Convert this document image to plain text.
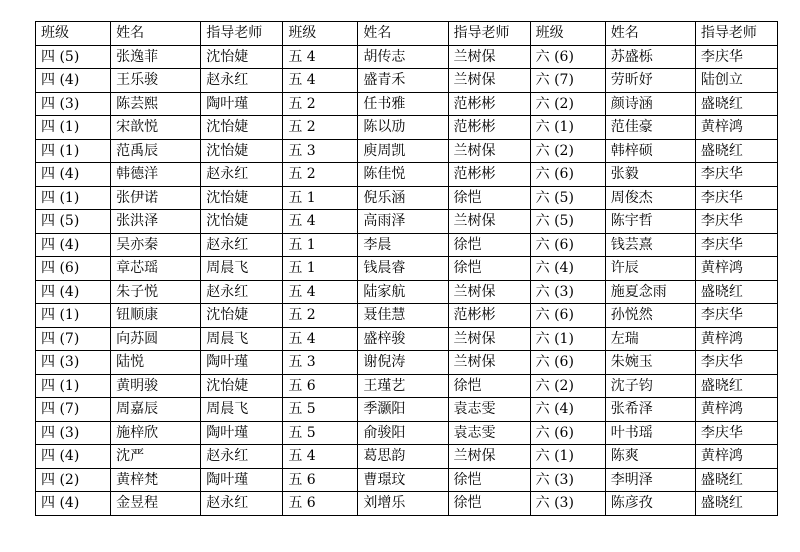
班级	姓名	指导老师	班级	姓名	指导老师	班级	姓名	指导老师
四 (5)	张逸菲	沈怡婕	五 4	胡传志	兰树保	六 (6)	苏盛栎	李庆华
四 (4)	王乐骏	赵永红	五 4	盛青禾	兰树保	六 (7)	劳昕妤	陆创立
四 (3)	陈芸熙	陶叶瑾	五 2	任书雅	范彬彬	六 (2)	颜诗涵	盛晓红
四 (1)	宋歆悦	沈怡婕	五 2	陈以劢	范彬彬	六 (1)	范佳豪	黄梓鸿
四 (1)	范禹辰	沈怡婕	五 3	庾周凯	兰树保	六 (2)	韩梓硕	盛晓红
四 (4)	韩德洋	赵永红	五 2	陈佳悦	范彬彬	六 (6)	张毅	李庆华
四 (1)	张伊诺	沈怡婕	五 1	倪乐涵	徐恺	六 (5)	周俊杰	李庆华
四 (5)	张洪泽	沈怡婕	五 4	高雨泽	兰树保	六 (5)	陈宇哲	李庆华
四 (4)	吴亦秦	赵永红	五 1	李晨	徐恺	六 (6)	钱芸熹	李庆华
四 (6)	章芯瑶	周晨飞	五 1	钱晨睿	徐恺	六 (4)	许辰	黄梓鸿
四 (4)	朱子悦	赵永红	五 4	陆家航	兰树保	六 (3)	施夏念雨	盛晓红
四 (1)	钮顺康	沈怡婕	五 2	聂佳慧	范彬彬	六 (6)	孙悦然	李庆华
四 (7)	向苏圆	周晨飞	五 4	盛梓骏	兰树保	六 (1)	左瑞	黄梓鸿
四 (3)	陆悦	陶叶瑾	五 3	谢倪涛	兰树保	六 (6)	朱婉玉	李庆华
四 (1)	黄明骏	沈怡婕	五 6	王瑾艺	徐恺	六 (2)	沈子钧	盛晓红
四 (7)	周嘉辰	周晨飞	五 5	季灏阳	袁志雯	六 (4)	张希泽	黄梓鸿
四 (3)	施梓欣	陶叶瑾	五 5	俞骏阳	袁志雯	六 (6)	叶书瑶	李庆华
四 (4)	沈严	赵永红	五 4	葛思韵	兰树保	六 (1)	陈爽	黄梓鸿
四 (2)	黄梓梵	陶叶瑾	五 6	曹璟玟	徐恺	六 (3)	李明泽	盛晓红
四 (4)	金昱程	赵永红	五 6	刘增乐	徐恺	六 (3)	陈彦孜	盛晓红
